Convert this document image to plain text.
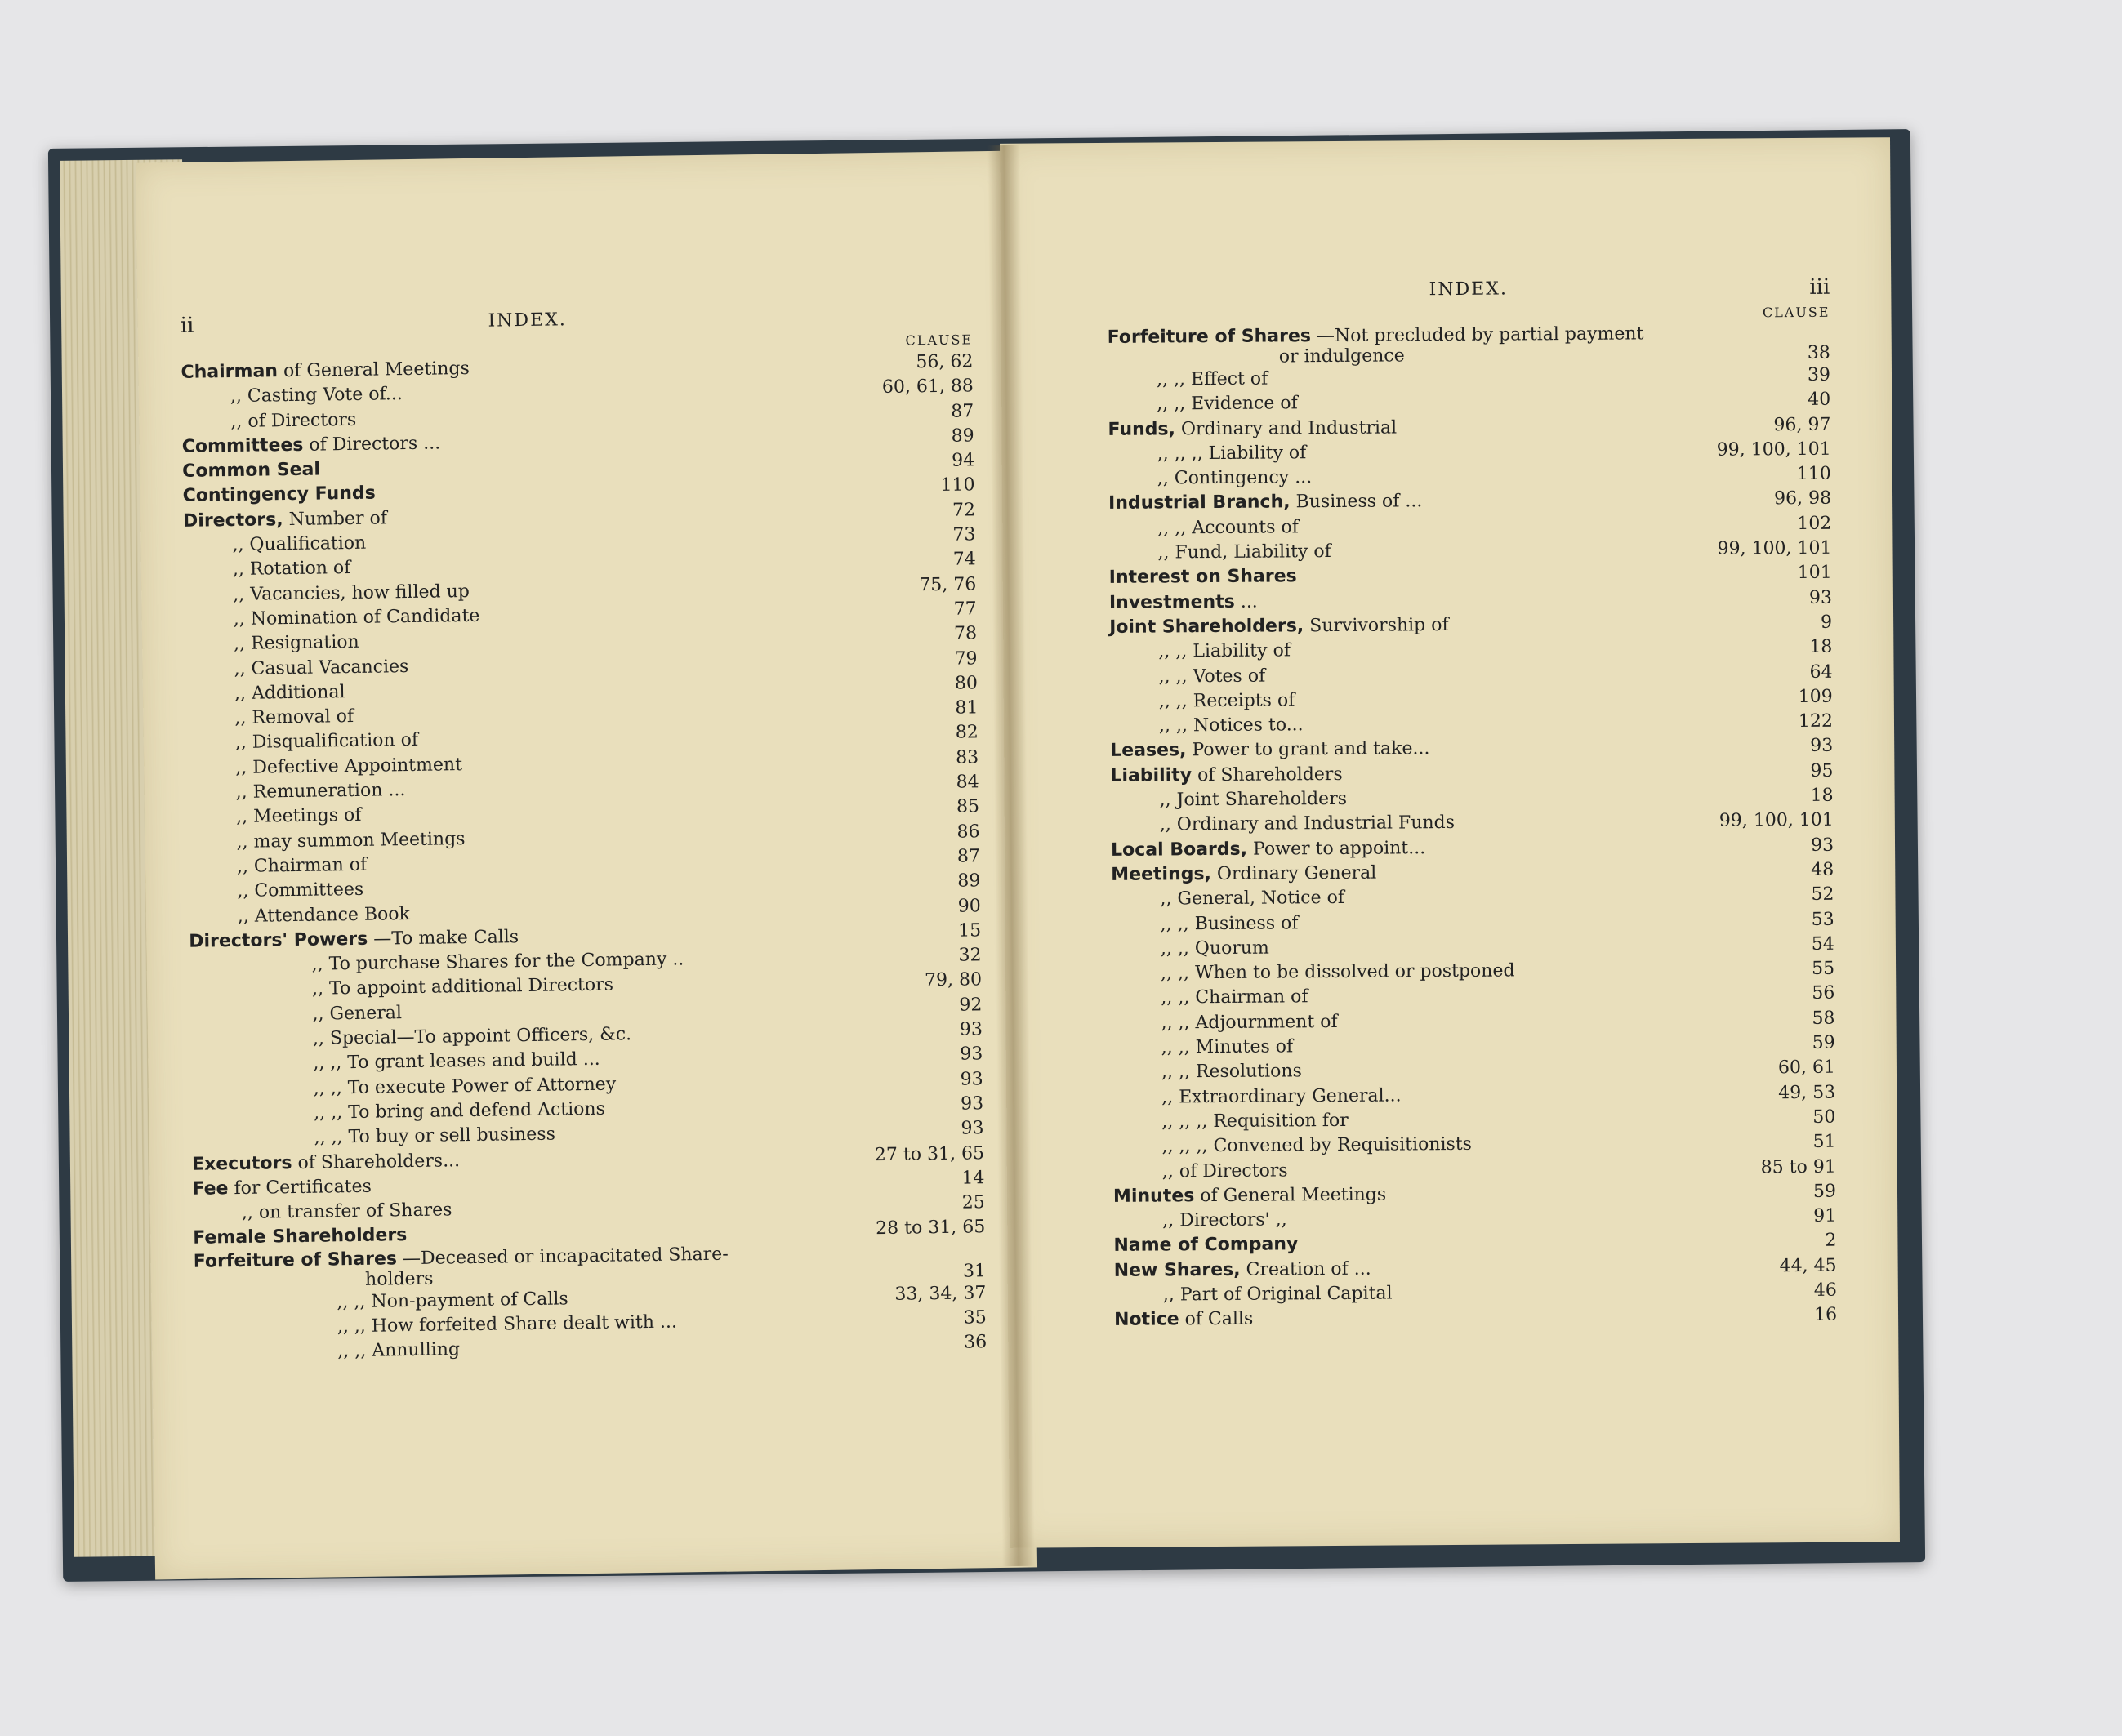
ii	INDEX.
CLAUSE
Chairman of General Meetings	56, 62
,, Casting Vote of...	60, 61, 88
,, of Directors	87
Committees of Directors ...	89
Common Seal	94
Contingency Funds	110
Directors, Number of	72
,, Qualification	73
,, Rotation of	74
,, Vacancies, how filled up	75, 76
,, Nomination of Candidate	77
,, Resignation	78
,, Casual Vacancies	79
,, Additional	80
,, Removal of	81
,, Disqualification of	82
,, Defective Appointment	83
,, Remuneration ...	84
,, Meetings of	85
,, may summon Meetings	86
,, Chairman of	87
,, Committees	89
,, Attendance Book	90
Directors' Powers —To make Calls	15
,, To purchase Shares for the Company ..	32
,, To appoint additional Directors	79, 80
,, General	92
,, Special—To appoint Officers, &c.	93
,, ,, To grant leases and build ...	93
,, ,, To execute Power of Attorney	93
,, ,, To bring and defend Actions	93
,, ,, To buy or sell business	93
Executors of Shareholders...	27 to 31, 65
Fee for Certificates	14
,, on transfer of Shares	25
Female Shareholders	28 to 31, 65
Forfeiture of Shares —Deceased or incapacitated Share-
holders	31
,, ,, Non-payment of Calls	33, 34, 37
,, ,, How forfeited Share dealt with ...	35
,, ,, Annulling	36
INDEX.	iii
CLAUSE
Forfeiture of Shares —Not precluded by partial payment
or indulgence	38
,, ,, Effect of	39
,, ,, Evidence of	40
Funds, Ordinary and Industrial	96, 97
,, ,, ,, Liability of	99, 100, 101
,, Contingency ...	110
Industrial Branch, Business of ...	96, 98
,, ,, Accounts of	102
,, Fund, Liability of	99, 100, 101
Interest on Shares	101
Investments ...	93
Joint Shareholders, Survivorship of	9
,, ,, Liability of	18
,, ,, Votes of	64
,, ,, Receipts of	109
,, ,, Notices to...	122
Leases, Power to grant and take...	93
Liability of Shareholders	95
,, Joint Shareholders	18
,, Ordinary and Industrial Funds	99, 100, 101
Local Boards, Power to appoint...	93
Meetings, Ordinary General	48
,, General, Notice of	52
,, ,, Business of	53
,, ,, Quorum	54
,, ,, When to be dissolved or postponed	55
,, ,, Chairman of	56
,, ,, Adjournment of	58
,, ,, Minutes of	59
,, ,, Resolutions	60, 61
,, Extraordinary General...	49, 53
,, ,, ,, Requisition for	50
,, ,, ,, Convened by Requisitionists	51
,, of Directors	85 to 91
Minutes of General Meetings	59
,, Directors' ,,	91
Name of Company	2
New Shares, Creation of ...	44, 45
,, Part of Original Capital	46
Notice of Calls	16
